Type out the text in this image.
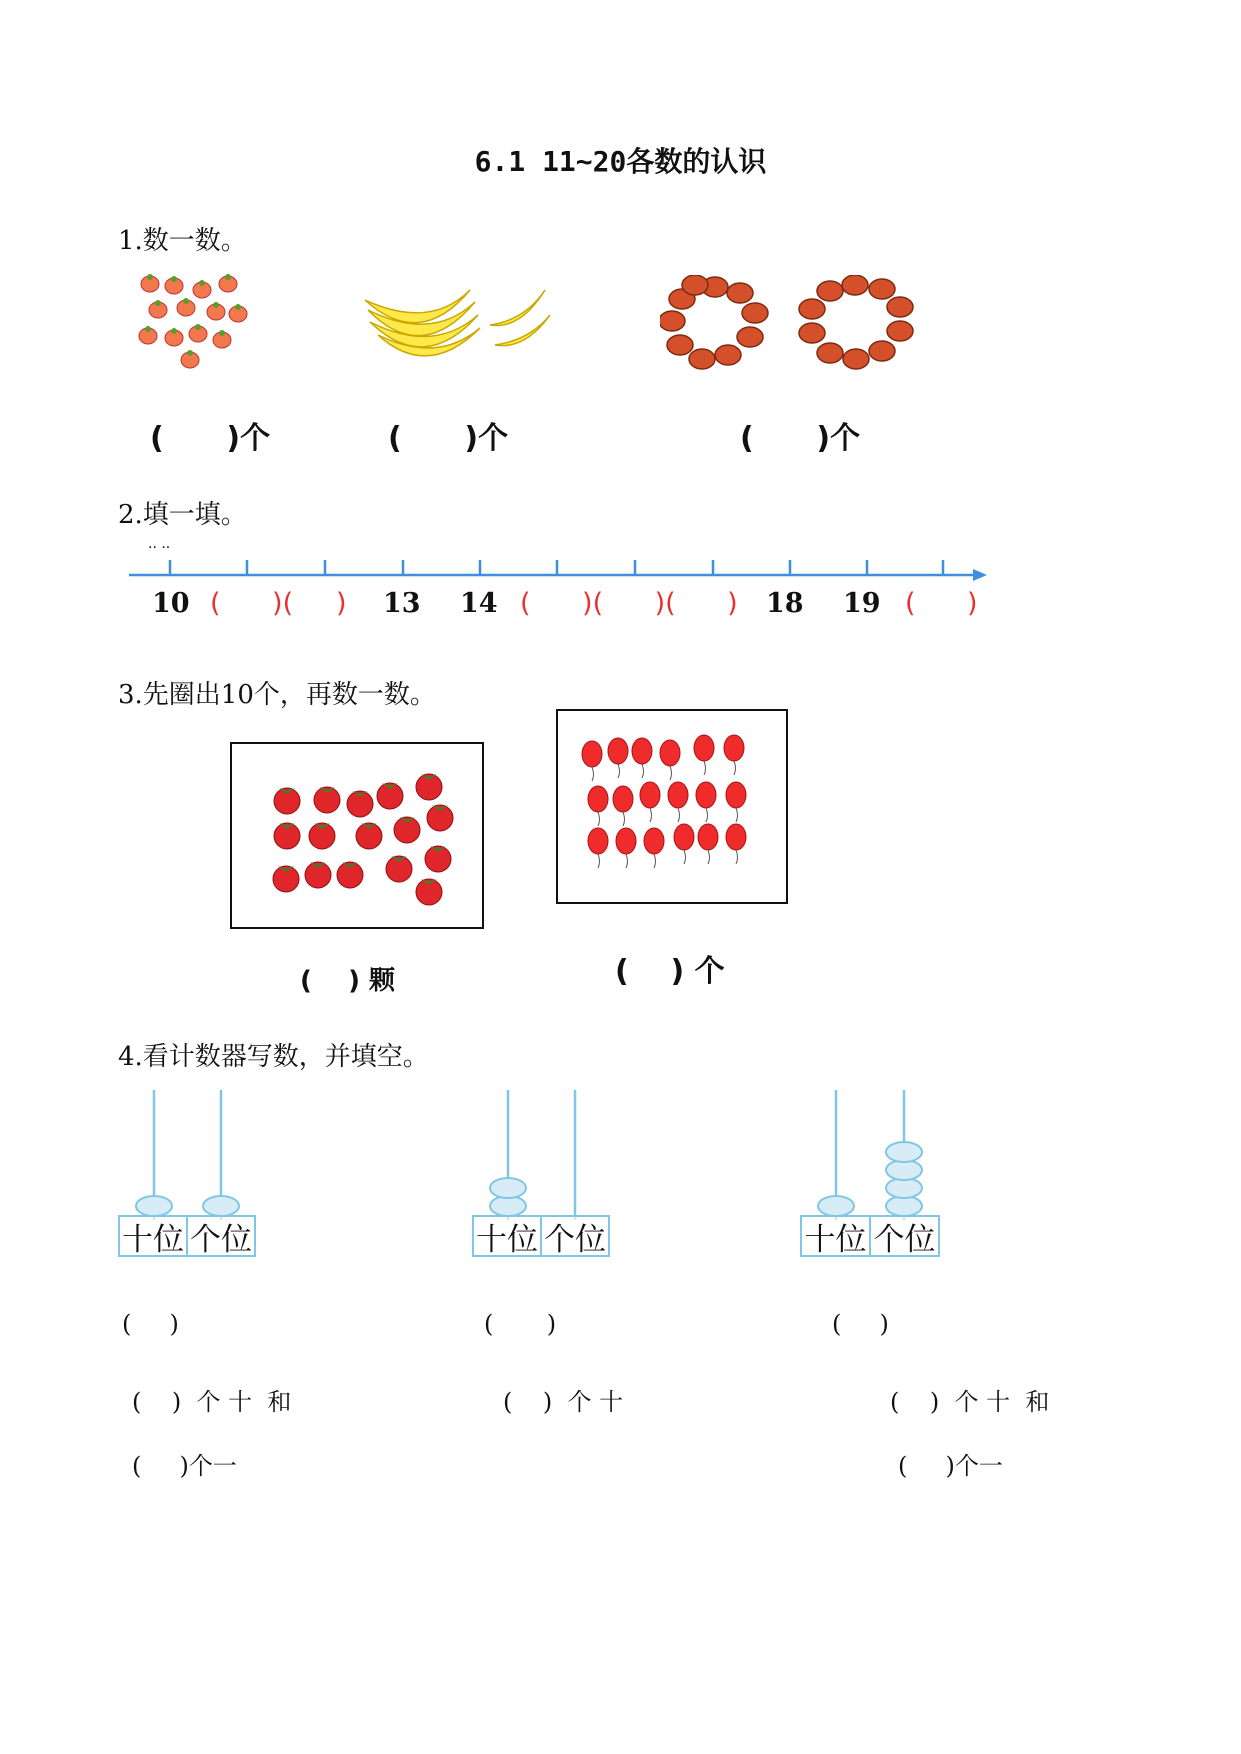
6.1 11~20各数的认识
1.数一数。
(      )个	(      )个	(      )个
2.填一填。
·· ··
10 (      )(     ) 13 14 (      )(      )(      ) 18 19 (      )
3.先圈出10个，再数一数。
(    ) 颗	(    ) 个
4.看计数器写数，并填空。
十位 个位	十位 个位	十位 个位
(     )	(       )	(     )
(    )  个 十  和	(    )  个 十	(    )  个 十  和
(     )个一	(     )个一
